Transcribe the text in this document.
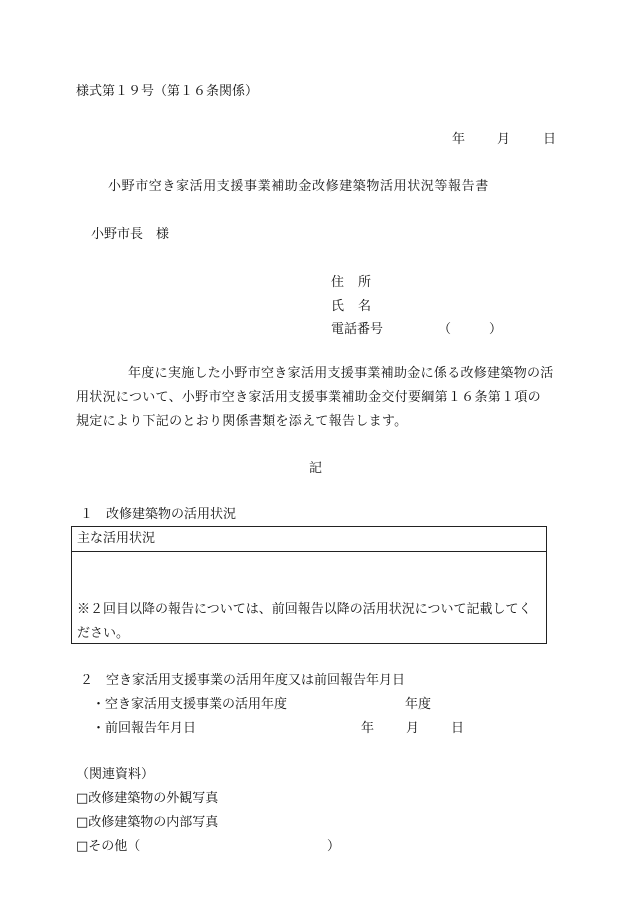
様式第１９号（第１６条関係）
年 月	日
小野市空き家活用支援事業補助金改修建築物活用状況等報告書
小野市長　様
住所
氏名
電話番号	（	）
年度に実施した小野市空き家活用支援事業補助金に係る改修建築物の活用状況について、小野市空き家活用支援事業補助金交付要綱第１６条第１項の規定により下記のとおり関係書類を添えて報告します。
記
１　改修建築物の活用状況
主な活用状況
※２回目以降の報告については、前回報告以降の活用状況について記載してください。
２　空き家活用支援事業の活用年度又は前回報告年月日
・空き家活用支援事業の活用年度	年度
・前回報告年月日	年 月 日
（関連資料）
□改修建築物の外観写真
□改修建築物の内部写真
□その他（	）
